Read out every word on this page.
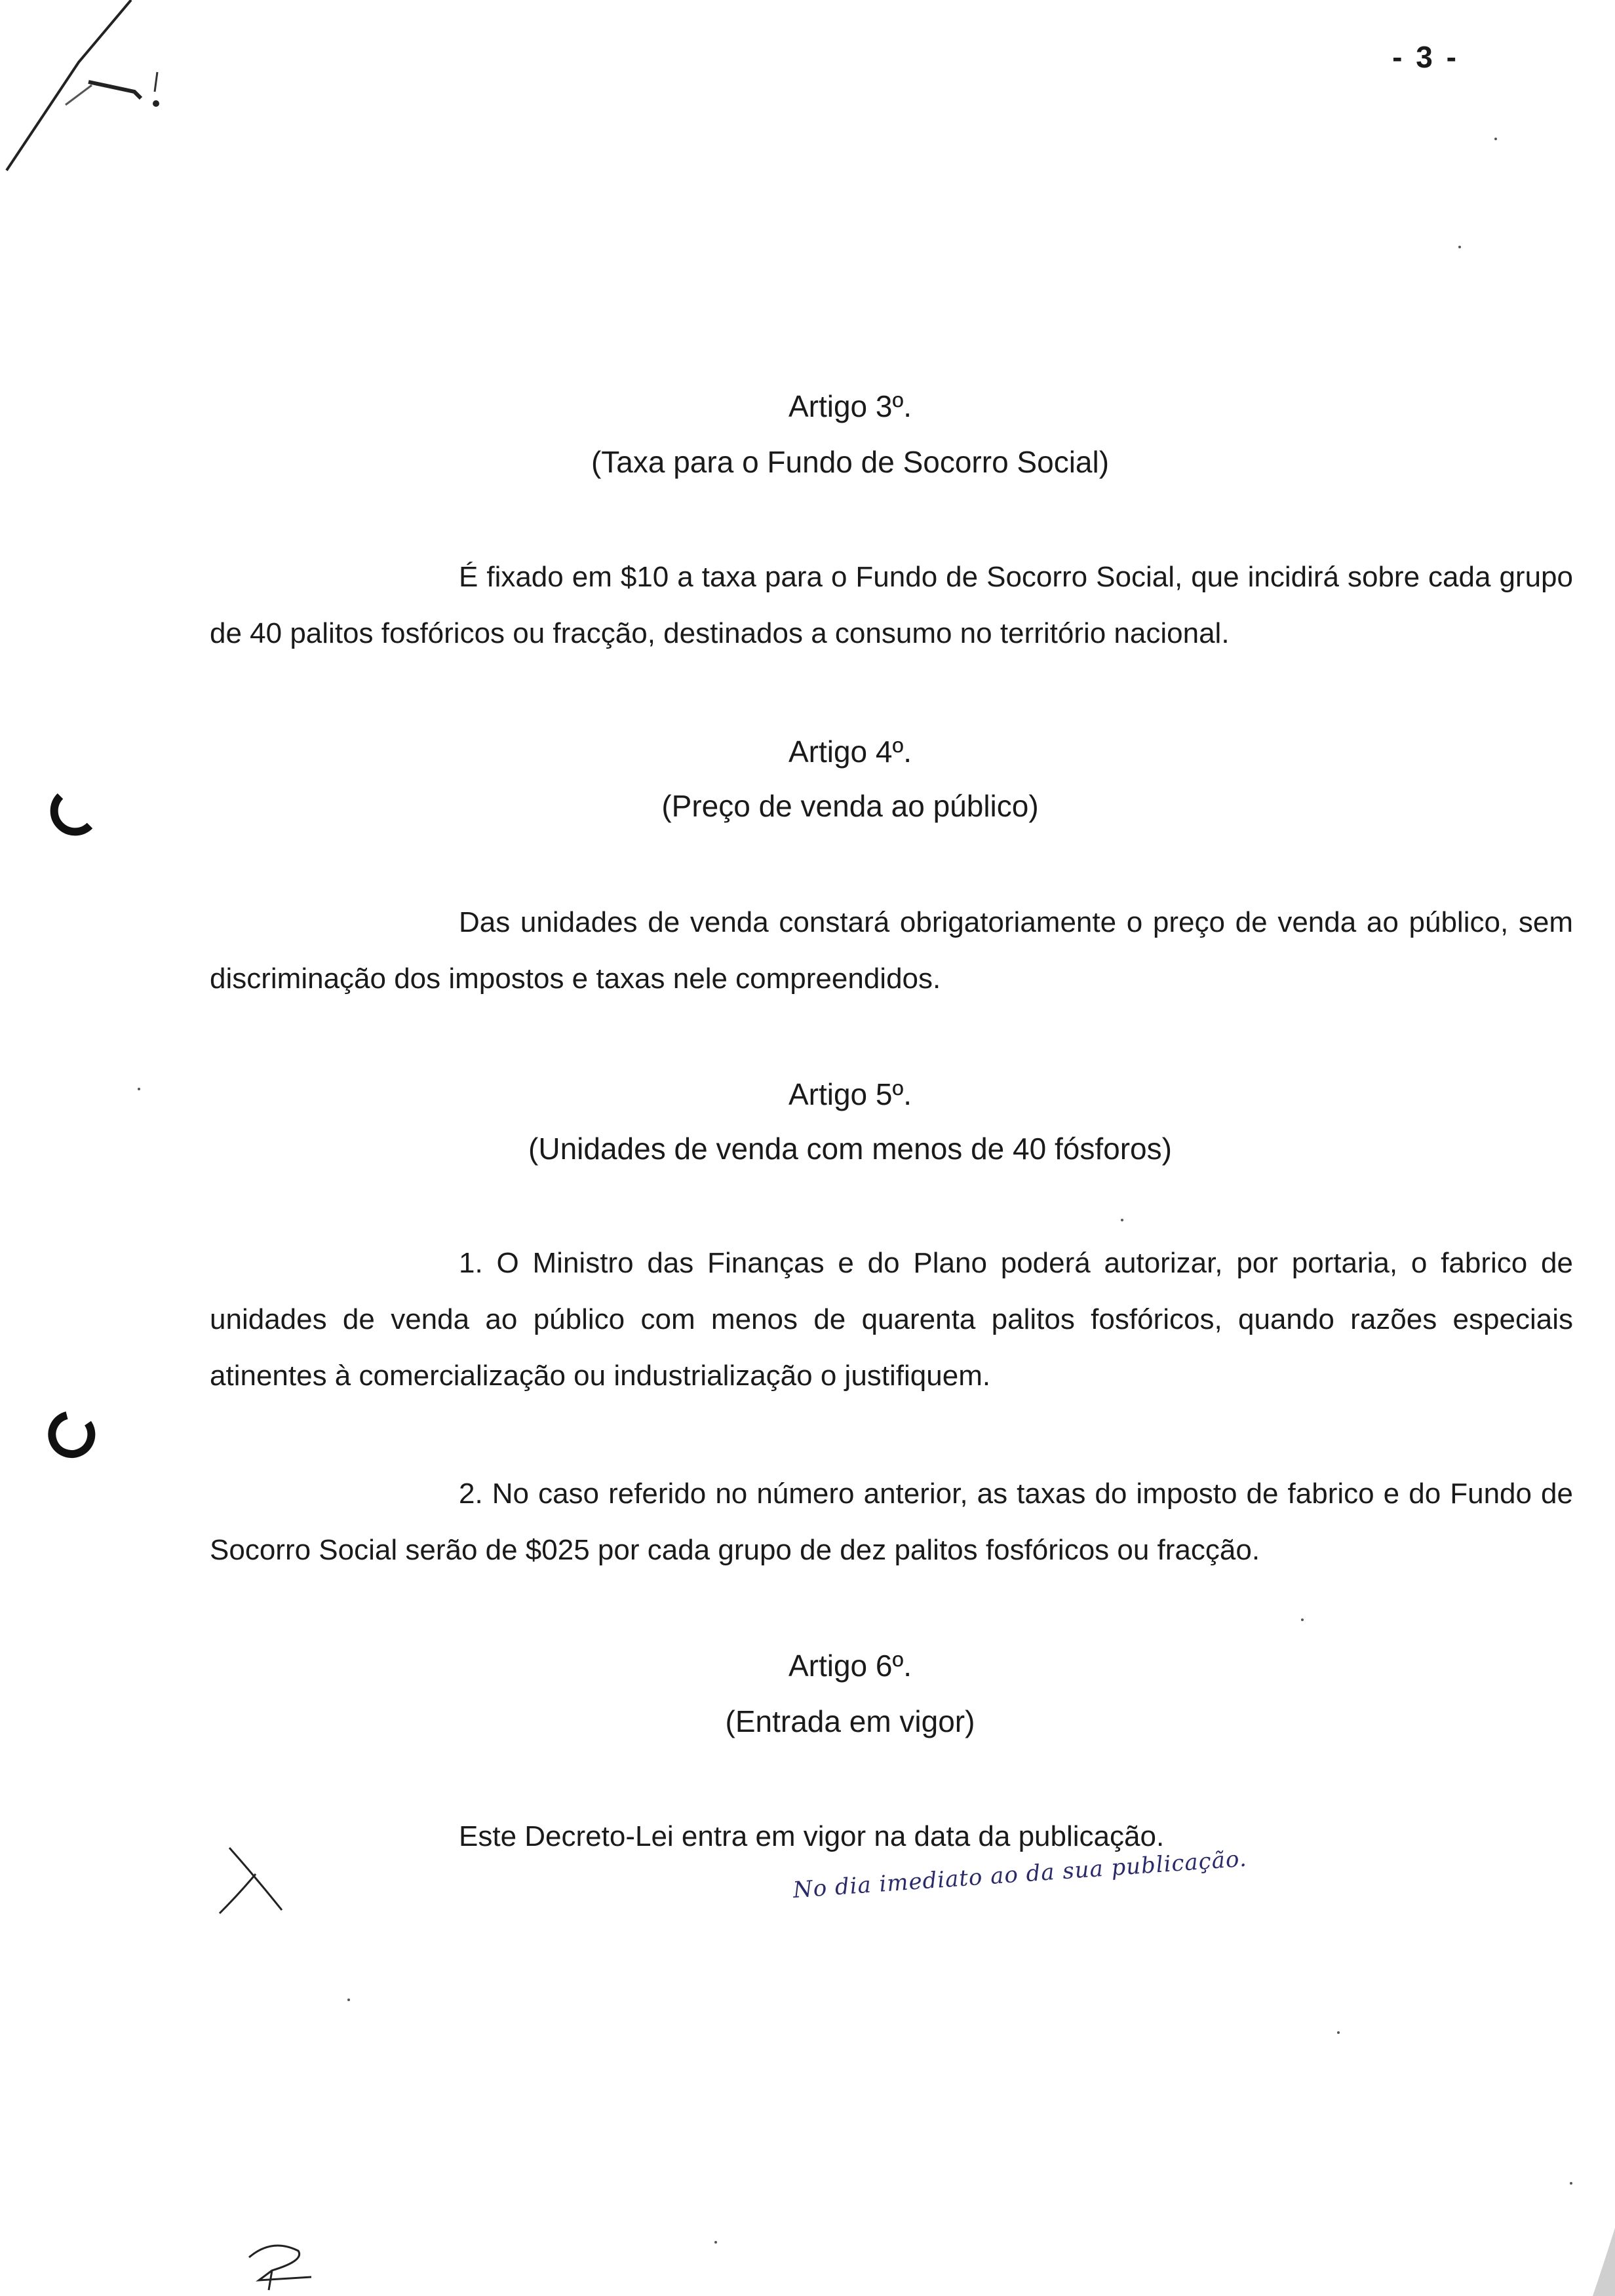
- 3 -
Artigo 3º.
(Taxa para o Fundo de Socorro Social)
É fixado em $10 a taxa para o Fundo de Socorro Social, que incidirá sobre cada grupo de 40 palitos fosfóricos ou fracção, destinados a consumo no território nacional.
Artigo 4º.
(Preço de venda ao público)
Das unidades de venda constará obrigatoriamente o preço de venda ao público, sem discriminação dos impostos e taxas nele compreendidos.
Artigo 5º.
(Unidades de venda com menos de 40 fósforos)
1. O Ministro das Finanças e do Plano poderá autorizar, por portaria, o fabrico de unidades de venda ao público com menos de quarenta palitos fosfóricos, quando razões especiais atinentes à comercialização ou industrialização o justifiquem.
2. No caso referido no número anterior, as taxas do imposto de fabrico e do Fundo de Socorro Social serão de $025 por cada grupo de dez palitos fosfóricos ou fracção.
Artigo 6º.
(Entrada em vigor)
Este Decreto-Lei entra em vigor na data da publicação.
No dia imediato ao da sua publicação.
